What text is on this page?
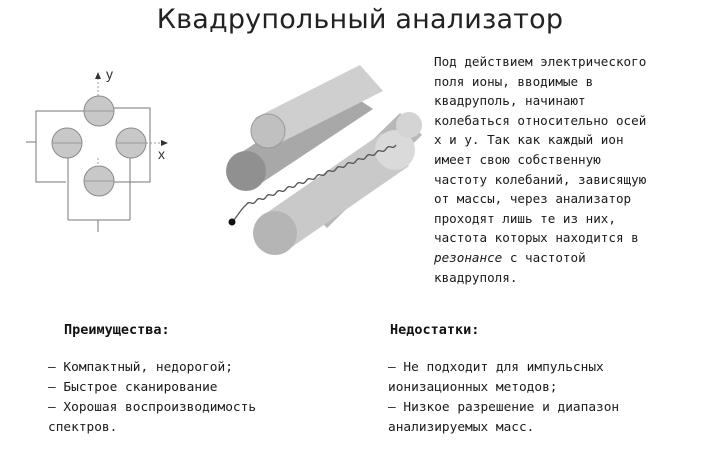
Квадрупольный анализатор
y
x
Под действием электрического
поля ионы, вводимые в
квадруполь, начинают
колебаться относительно осей
x и y. Так как каждый ион
имеет свою собственную
частоту колебаний, зависящую
от массы, через анализатор
проходят лишь те из них,
частота которых находится в
резонансе с частотой
квадруполя.
Преимущества:
– Компактный, недорогой;
– Быстрое сканирование
– Хорошая воспроизводимость
спектров.
Недостатки:
– Не подходит для импульсных
ионизационных методов;
– Низкое разрешение и диапазон
анализируемых масс.
